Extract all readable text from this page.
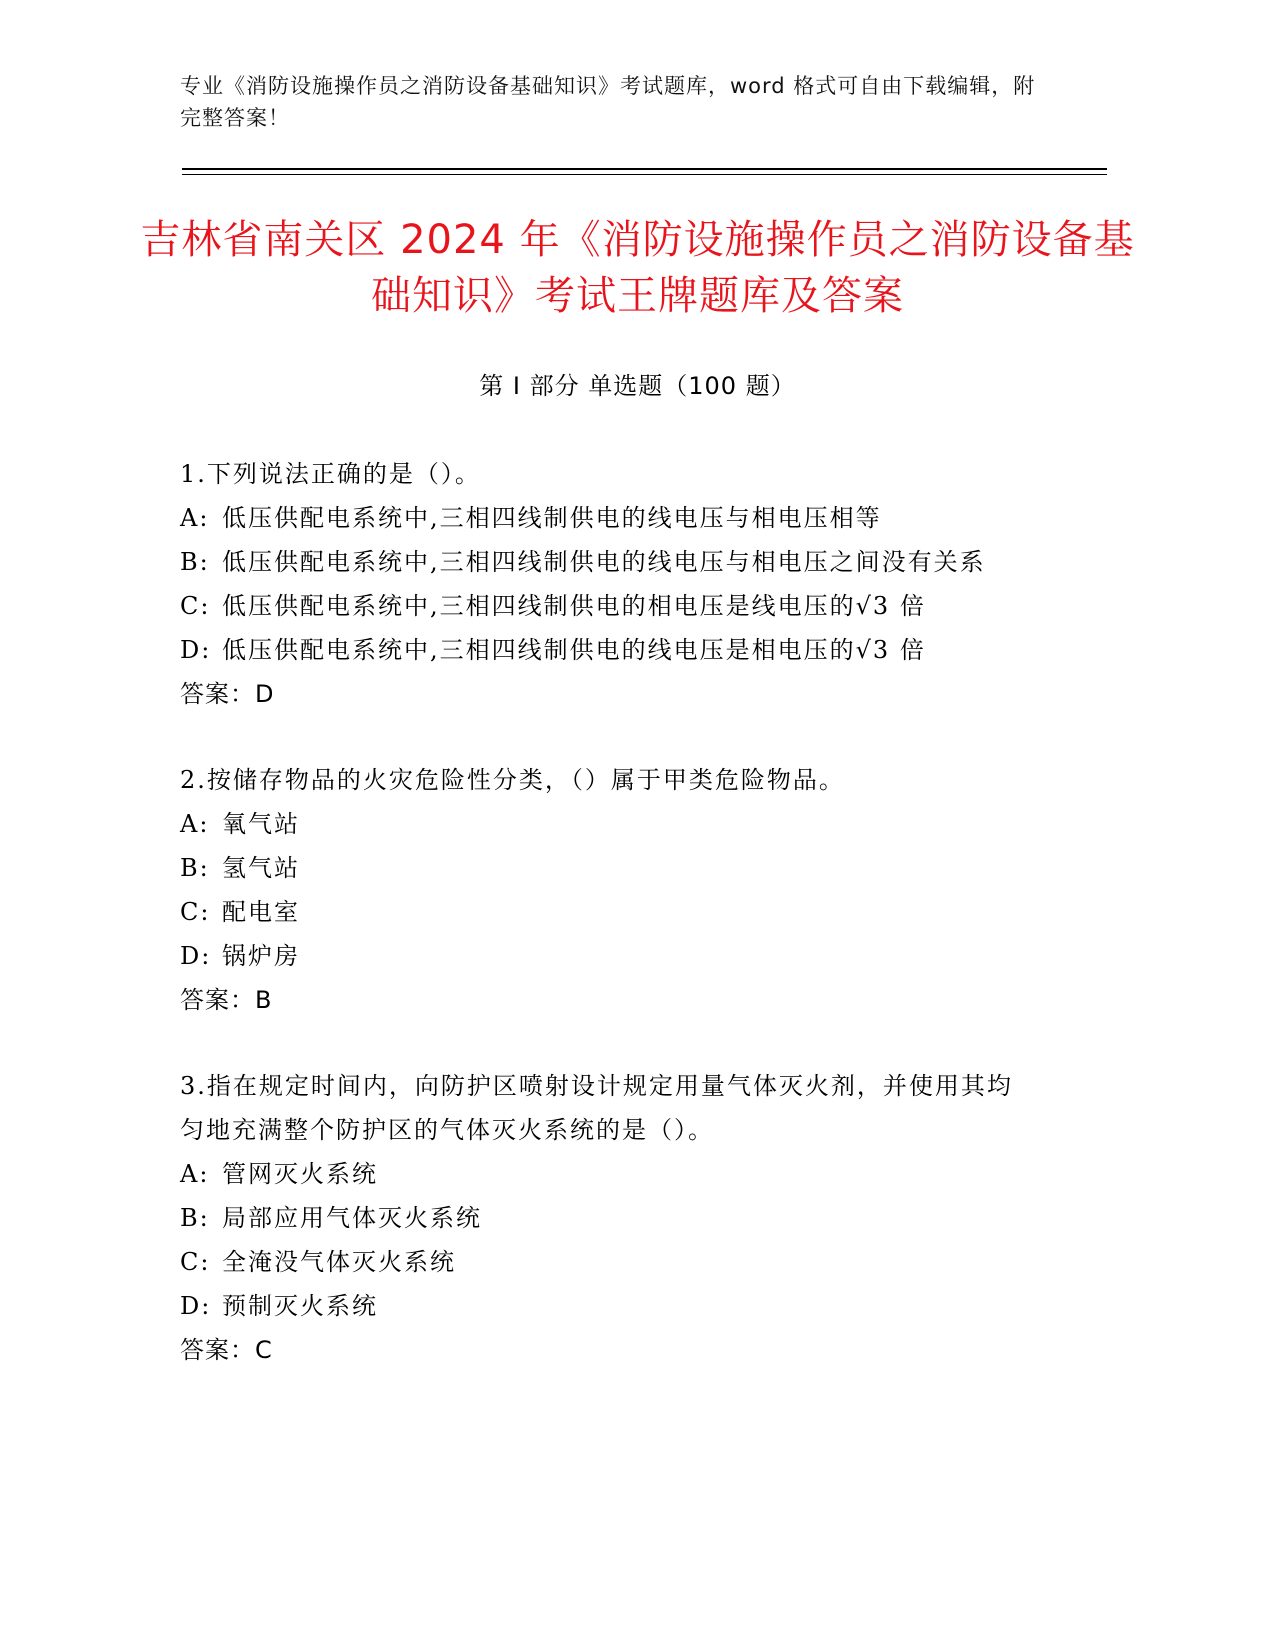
专业《消防设施操作员之消防设备基础知识》考试题库，word 格式可自由下载编辑，附完整答案！
吉林省南关区 2024 年《消防设施操作员之消防设备基础知识》考试王牌题库及答案
第 I 部分 单选题（100 题）
1.下列说法正确的是（）。
A: 低压供配电系统中,三相四线制供电的线电压与相电压相等
B: 低压供配电系统中,三相四线制供电的线电压与相电压之间没有关系
C: 低压供配电系统中,三相四线制供电的相电压是线电压的√3 倍
D: 低压供配电系统中,三相四线制供电的线电压是相电压的√3 倍
答案：D
2.按储存物品的火灾危险性分类，（）属于甲类危险物品。
A: 氧气站
B: 氢气站
C: 配电室
D: 锅炉房
答案：B
3.指在规定时间内，向防护区喷射设计规定用量气体灭火剂，并使用其均匀地充满整个防护区的气体灭火系统的是（）。
A: 管网灭火系统
B: 局部应用气体灭火系统
C: 全淹没气体灭火系统
D: 预制灭火系统
答案：C
